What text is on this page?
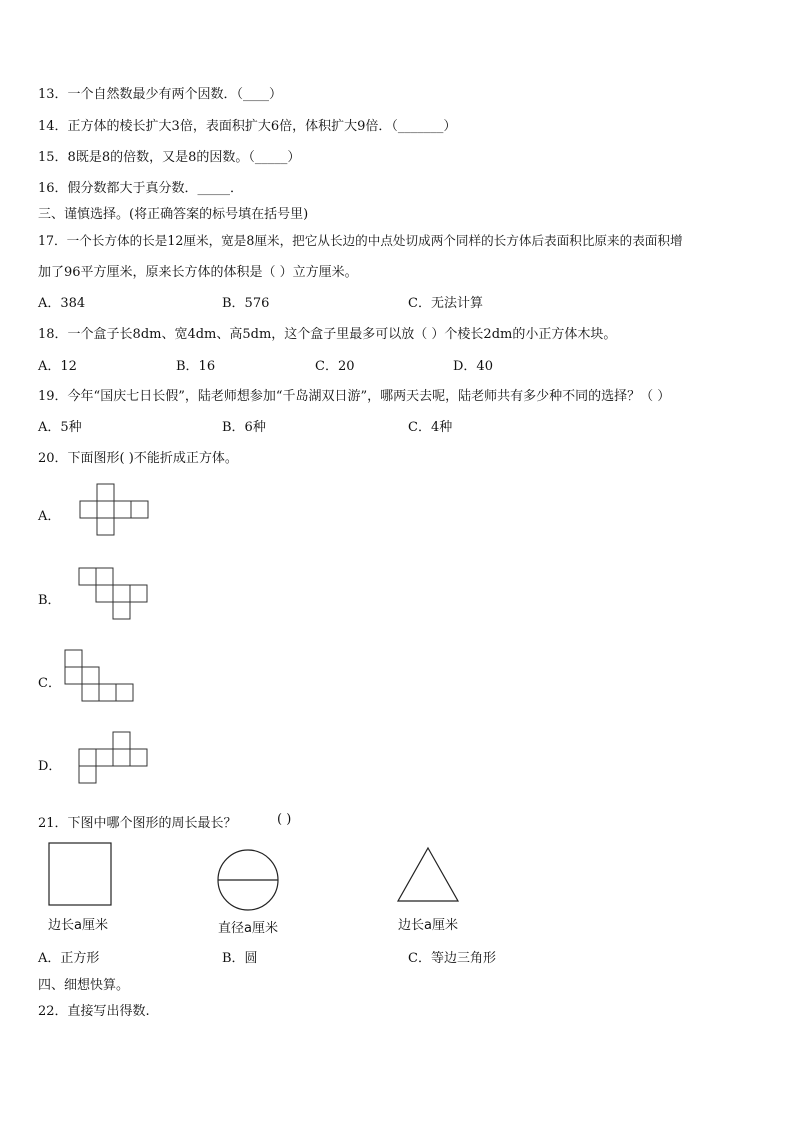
13．一个自然数最少有两个因数．（____）
14．正方体的棱长扩大3倍，表面积扩大6倍，体积扩大9倍．（_______）
15．8既是8的倍数，又是8的因数。（_____）
16．假分数都大于真分数．_____．
三、谨慎选择。(将正确答案的标号填在括号里)
17．一个长方体的长是12厘米，宽是8厘米，把它从长边的中点处切成两个同样的长方体后表面积比原来的表面积增
加了96平方厘米，原来长方体的体积是（ ）立方厘米。
A．384	B．576	C．无法计算
18．一个盒子长8dm、宽4dm、高5dm，这个盒子里最多可以放（ ）个棱长2dm的小正方体木块。
A．12	B．16	C．20	D．40
19．今年“国庆七日长假”，陆老师想参加“千岛湖双日游”，哪两天去呢，陆老师共有多少种不同的选择？（ ）
A．5种	B．6种	C．4种
20．下面图形( )不能折成正方体。
A．
B．
C．
D．
21．下图中哪个图形的周长最长？	( )
边长a厘米	直径a厘米	边长a厘米
A．正方形	B．圆	C．等边三角形
四、细想快算。
22．直接写出得数.
